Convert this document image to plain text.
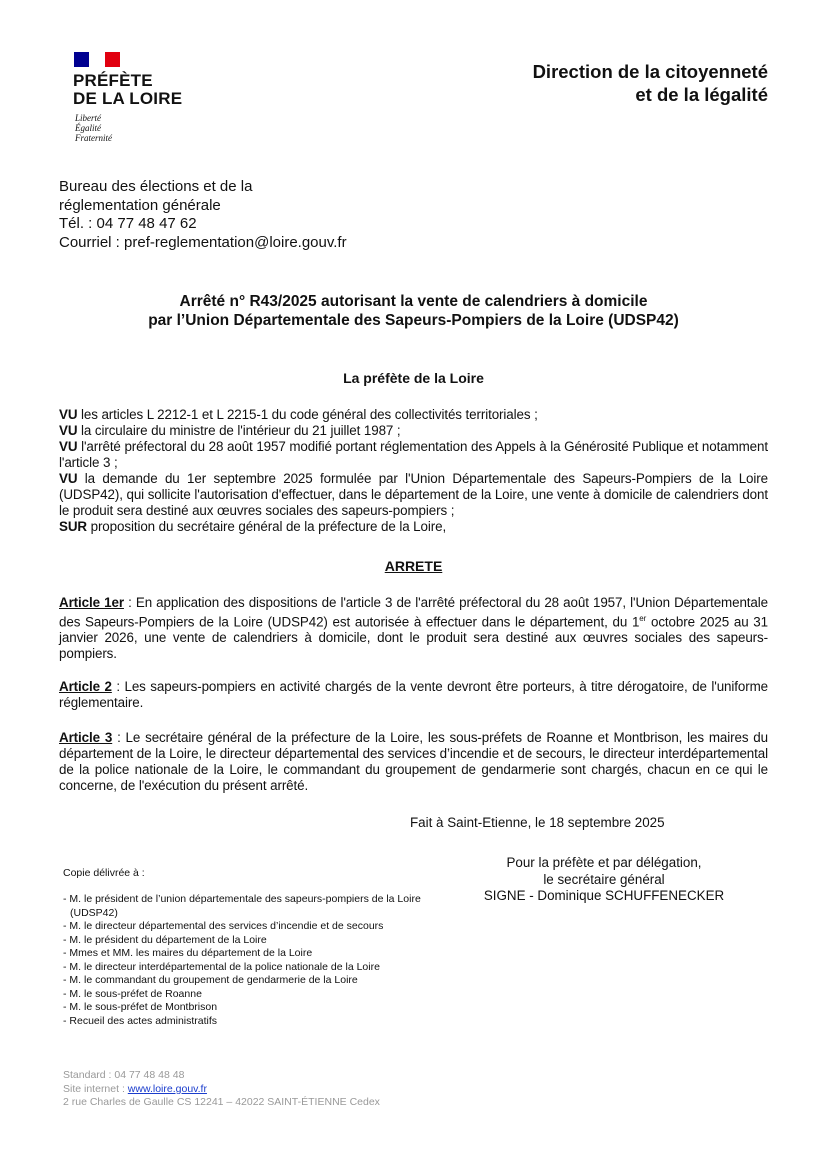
PRÉFÈTE
DE LA LOIRE
Liberté
Égalité
Fraternité
Direction de la citoyenneté
et de la légalité
Bureau des élections et de la
réglementation générale
Tél. : 04 77 48 47 62
Courriel : pref-reglementation@loire.gouv.fr
Arrêté n° R43/2025 autorisant la vente de calendriers à domicile
par l’Union Départementale des Sapeurs-Pompiers de la Loire (UDSP42)
La préfète de la Loire

VU les articles L 2212-1 et L 2215-1 du code général des collectivités territoriales ;

VU la circulaire du ministre de l'intérieur du 21 juillet 1987 ;

VU l'arrêté préfectoral du 28 août 1957 modifié portant réglementation des Appels à la Générosité Publique et notamment l'article 3 ;

VU la demande du 1er septembre 2025 formulée par l'Union Départementale des Sapeurs-Pompiers de la Loire (UDSP42), qui sollicite l'autorisation d'effectuer, dans le département de la Loire, une vente à domicile de calendriers dont le produit sera destiné aux œuvres sociales des sapeurs-pompiers ;

SUR proposition du secrétaire général de la préfecture de la Loire,

ARRETE

Article 1er : En application des dispositions de l'article 3 de l'arrêté préfectoral du 28 août 1957, l'Union Départementale des Sapeurs-Pompiers de la Loire (UDSP42) est autorisée à effectuer dans le département, du 1er octobre 2025 au 31 janvier 2026, une vente de calendriers à domicile, dont le produit sera destiné aux œuvres sociales des sapeurs-pompiers.

Article 2 : Les sapeurs-pompiers en activité chargés de la vente devront être porteurs, à titre dérogatoire, de l'uniforme réglementaire.

Article 3 : Le secrétaire général de la préfecture de la Loire, les sous-préfets de Roanne et Montbrison, les maires du département de la Loire, le directeur départemental des services d’incendie et de secours, le directeur interdépartemental de la police nationale de la Loire, le commandant du groupement de gendarmerie sont chargés, chacun en ce qui le concerne, de l'exécution du présent arrêté.

Fait à Saint-Etienne, le 18 septembre 2025
Pour la préfète et par délégation,
le secrétaire général
SIGNE - Dominique SCHUFFENECKER
Copie délivrée à :
- M. le président de l’union départementale des sapeurs-pompiers de la Loire (UDSP42)
- M. le directeur départemental des services d’incendie et de secours
- M. le président du département de la Loire
- Mmes et MM. les maires du département de la Loire
- M. le directeur interdépartemental de la police nationale de la Loire
- M. le commandant du groupement de gendarmerie de la Loire
- M. le sous-préfet de Roanne
- M. le sous-préfet de Montbrison
- Recueil des actes administratifs
Standard : 04 77 48 48 48
Site internet : www.loire.gouv.fr
2 rue Charles de Gaulle CS 12241 – 42022 SAINT-ÉTIENNE Cedex
